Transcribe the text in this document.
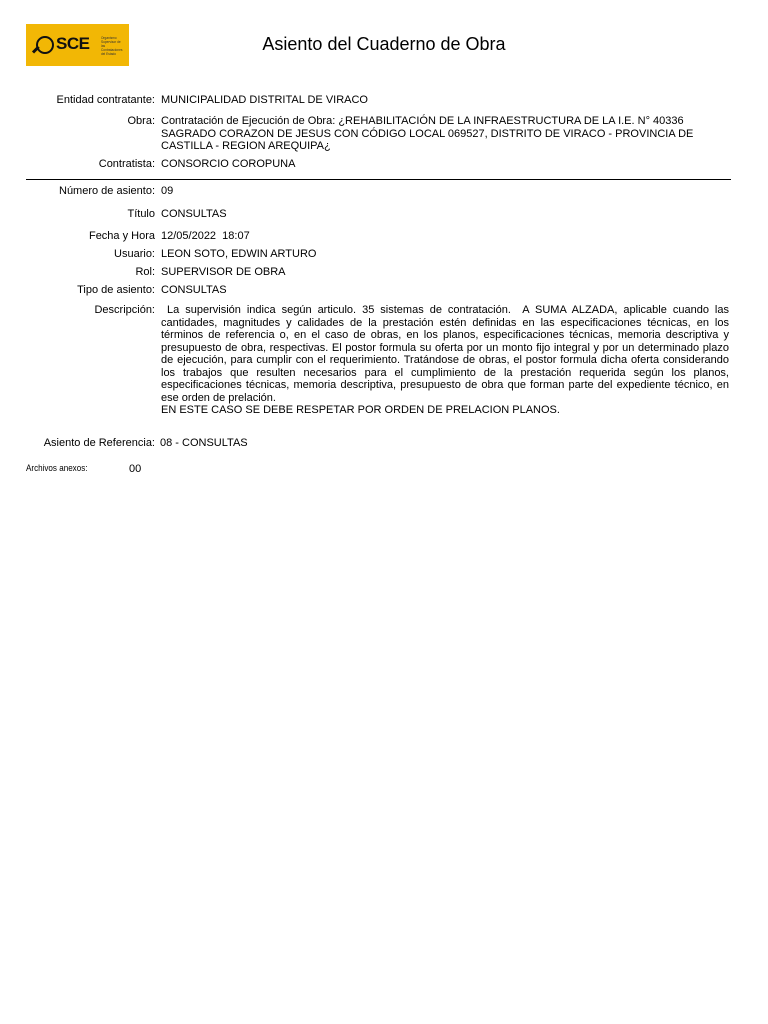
SCE	Organismo Supervisor de las Contrataciones del Estado	Asiento del Cuaderno de Obra
Entidad contratante: MUNICIPALIDAD DISTRITAL DE VIRACO
Obra: Contratación de Ejecución de Obra: ¿REHABILITACIÓN DE LA INFRAESTRUCTURA DE LA I.E. N° 40336 SAGRADO CORAZON DE JESUS CON CÓDIGO LOCAL 069527, DISTRITO DE VIRACO - PROVINCIA DE CASTILLA - REGION AREQUIPA¿
Contratista: CONSORCIO COROPUNA
Número de asiento: 09
Título CONSULTAS
Fecha y Hora 12/05/2022  18:07
Usuario: LEON SOTO, EDWIN ARTURO
Rol: SUPERVISOR DE OBRA
Tipo de asiento: CONSULTAS
Descripción: La supervisión indica según articulo. 35 sistemas de contratación.  A SUMA ALZADA, aplicable cuando las cantidades, magnitudes y calidades de la prestación estén definidas en las especificaciones técnicas, en los términos de referencia o, en el caso de obras, en los planos, especificaciones técnicas, memoria descriptiva y presupuesto de obra, respectivas. El postor formula su oferta por un monto fijo integral y por un determinado plazo de ejecución, para cumplir con el requerimiento. Tratándose de obras, el postor formula dicha oferta considerando los trabajos que resulten necesarios para el cumplimiento de la prestación requerida según los planos, especificaciones técnicas, memoria descriptiva, presupuesto de obra que forman parte del expediente técnico, en ese orden de prelación.
EN ESTE CASO SE DEBE RESPETAR POR ORDEN DE PRELACION PLANOS.
Asiento de Referencia: 08 - CONSULTAS
Archivos anexos:	00
